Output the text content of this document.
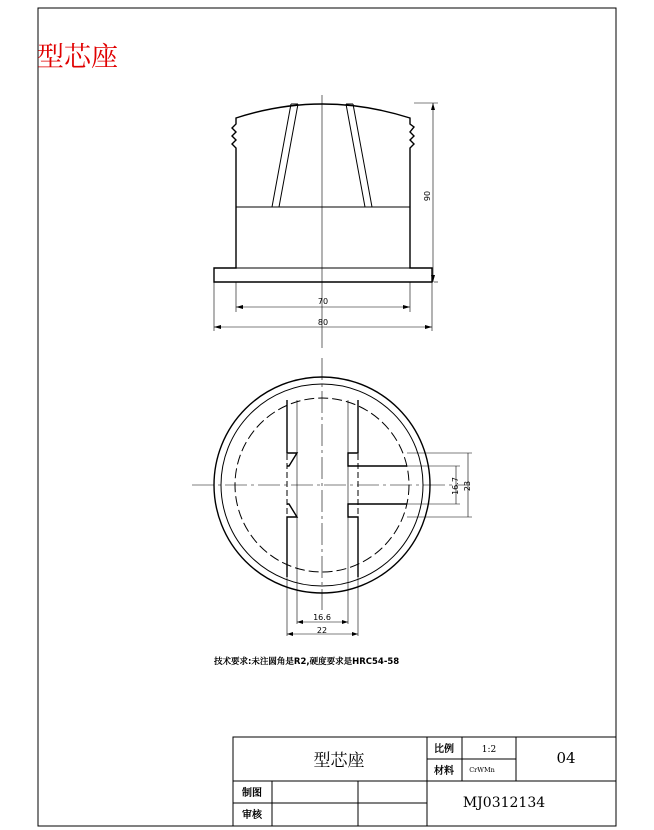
型芯座
90
70
80
16.7 23
16.6
22
技术要求:未注圆角是R2,硬度要求是HRC54-58
型芯座
比例	1:2
材料 CrWMn
04
制图
审核
MJ0312134
